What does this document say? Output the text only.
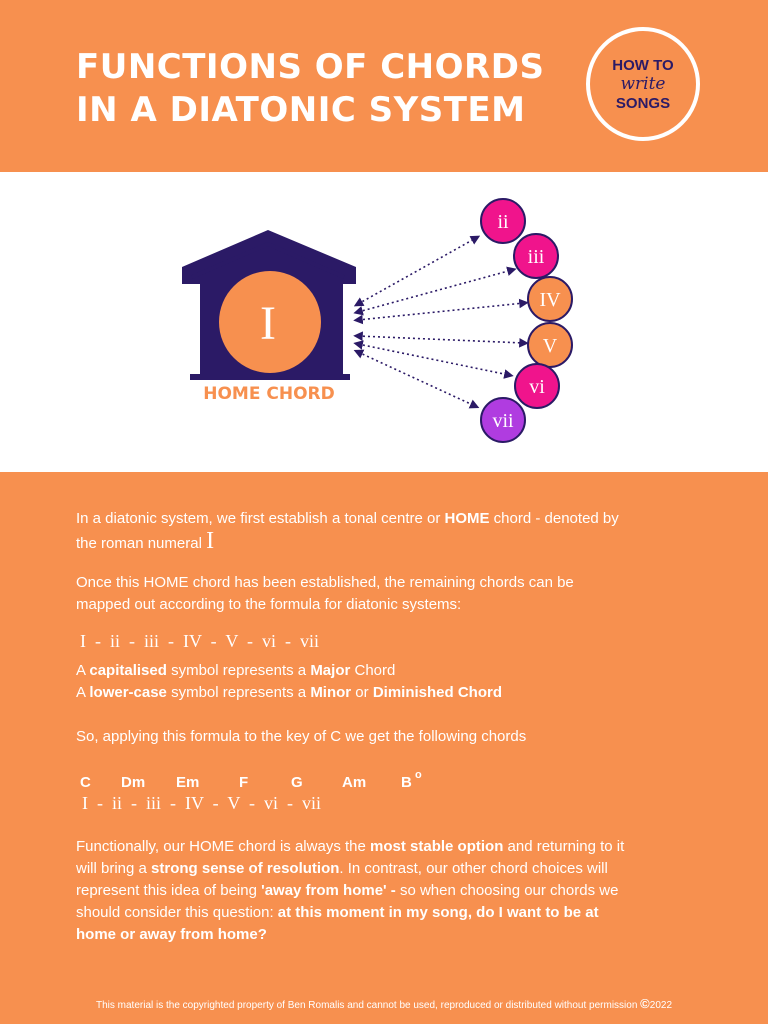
FUNCTIONS OF CHORDS
IN A DIATONIC SYSTEM
HOW TO
write
SONGS
I
HOME CHORD
ii
iii
IV
V
vi
vii
In a diatonic system, we first establish a tonal centre or HOME chord - denoted by
the roman numeral I
Once this HOME chord has been established, the remaining chords can be
mapped out according to the formula for diatonic systems:
I  -  ii  -  iii  -  IV  -  V  -  vi  -  vii
A capitalised symbol represents a Major Chord
A lower-case symbol represents a Minor or Diminished Chord
So, applying this formula to the key of C we get the following chords
C Dm Em	F	G	Am B o
I  -  ii  -  iii  -  IV  -  V  -  vi  -  vii
Functionally, our HOME chord is always the most stable option and returning to it
will bring a strong sense of resolution. In contrast, our other chord choices will
represent this idea of being 'away from home' - so when choosing our chords we
should consider this question: at this moment in my song, do I want to be at
home or away from home?
This material is the copyrighted property of Ben Romalis and cannot be used, reproduced or distributed without permission ©2022
